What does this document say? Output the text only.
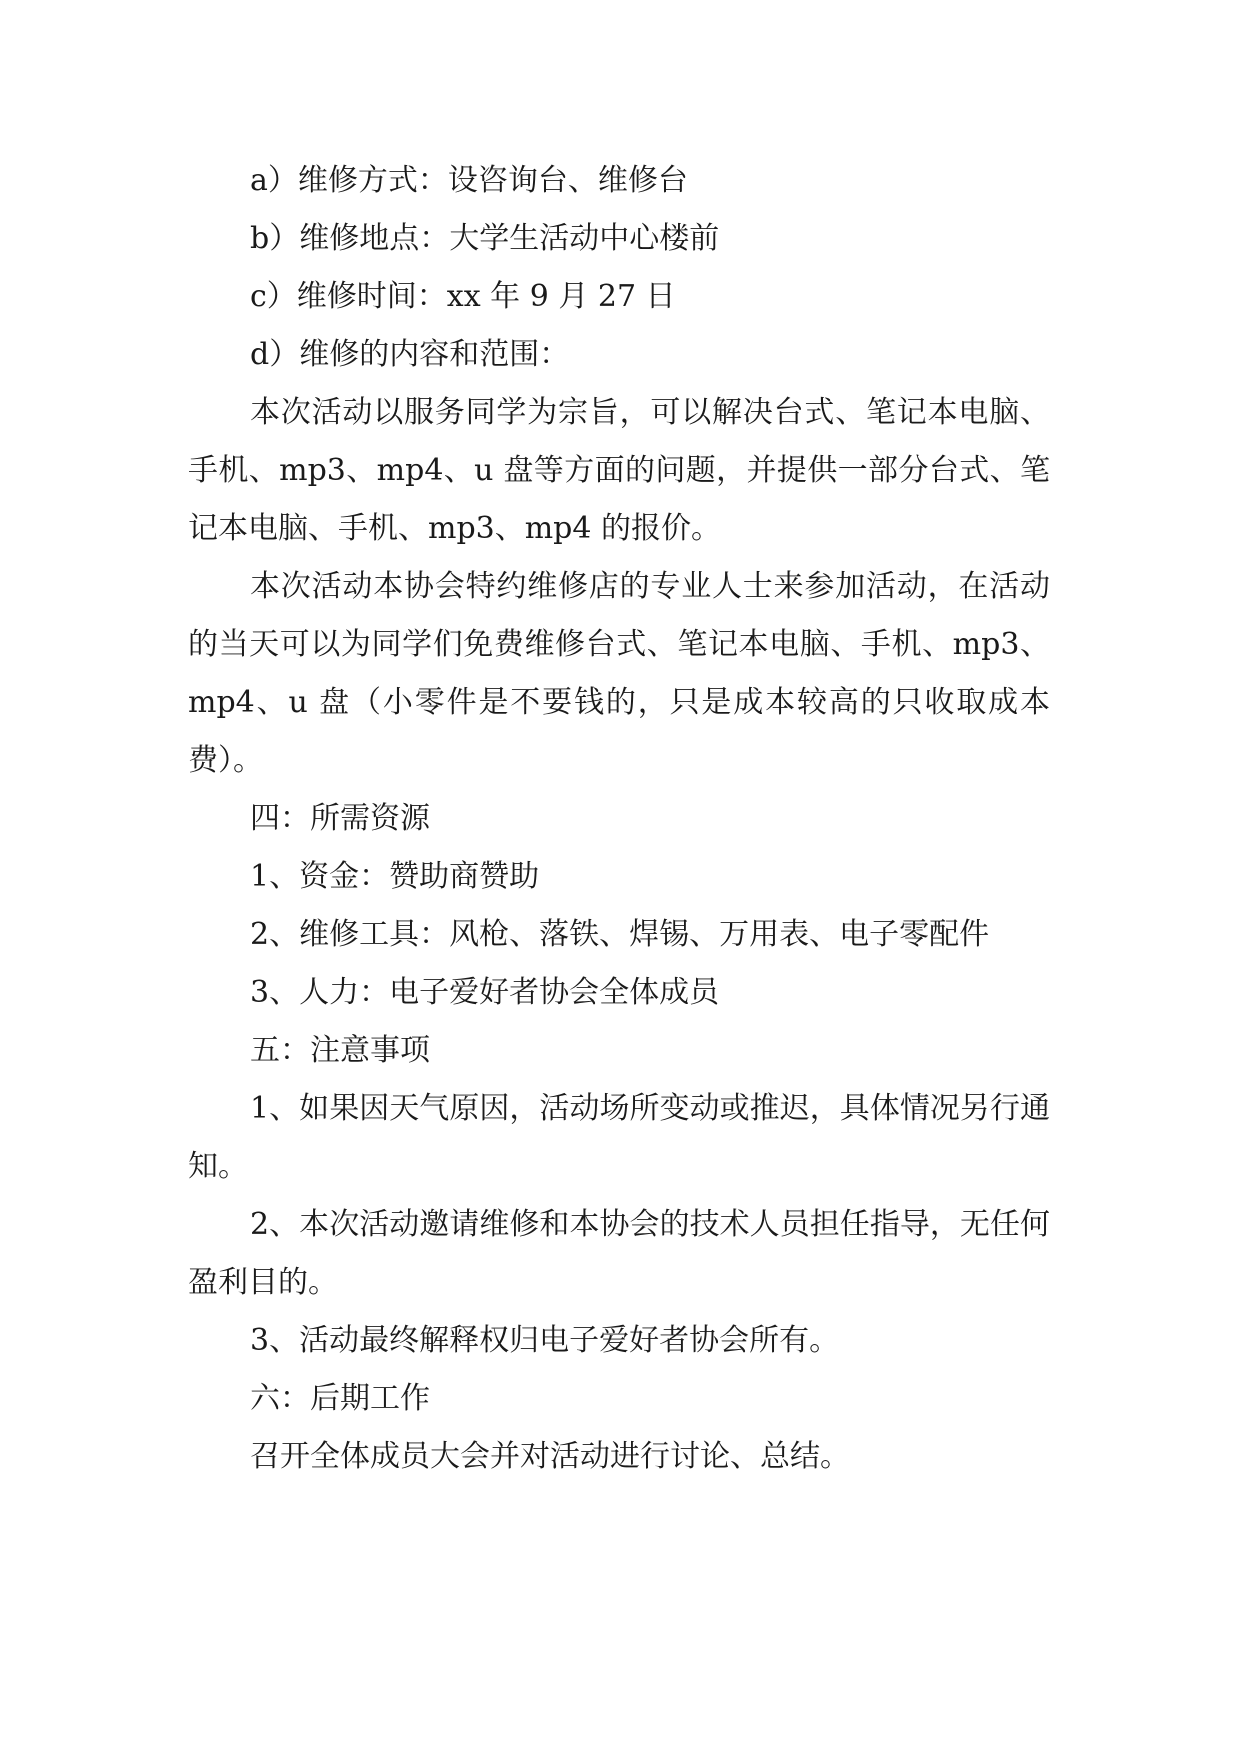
a）维修方式：设咨询台、维修台

b）维修地点：大学生活动中心楼前

c）维修时间：xx 年 9 月 27 日

d）维修的内容和范围：

本次活动以服务同学为宗旨，可以解决台式、笔记本电脑、手机、mp3、mp4、u 盘等方面的问题，并提供一部分台式、笔记本电脑、手机、mp3、mp4 的报价。

本次活动本协会特约维修店的专业人士来参加活动，在活动的当天可以为同学们免费维修台式、笔记本电脑、手机、mp3、mp4、u 盘（小零件是不要钱的，只是成本较高的只收取成本费）。

四：所需资源

1、资金：赞助商赞助

2、维修工具：风枪、落铁、焊锡、万用表、电子零配件

3、人力：电子爱好者协会全体成员

五：注意事项

1、如果因天气原因，活动场所变动或推迟，具体情况另行通知。

2、本次活动邀请维修和本协会的技术人员担任指导，无任何盈利目的。

3、活动最终解释权归电子爱好者协会所有。

六：后期工作

召开全体成员大会并对活动进行讨论、总结。
